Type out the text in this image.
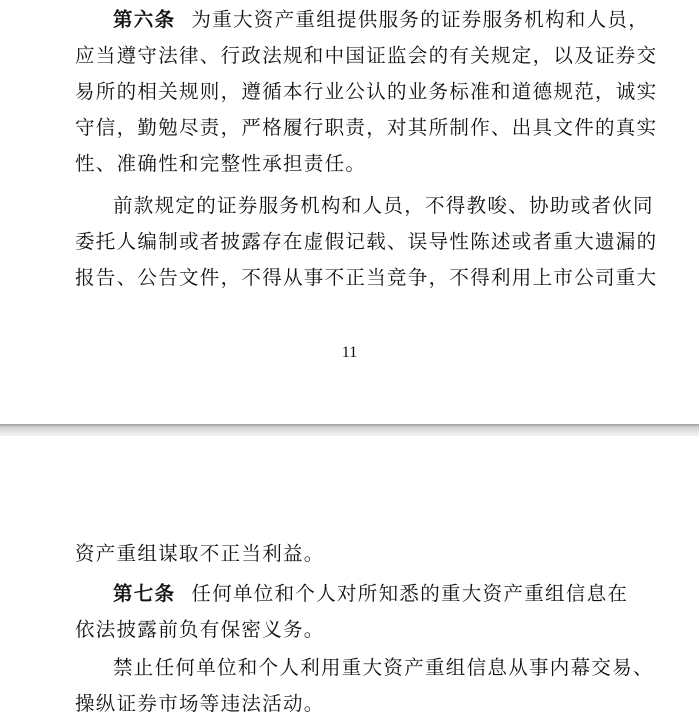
第六条 为重大资产重组提供服务的证券服务机构和人员，
应当遵守法律、行政法规和中国证监会的有关规定，以及证券交
易所的相关规则，遵循本行业公认的业务标准和道德规范，诚实
守信，勤勉尽责，严格履行职责，对其所制作、出具文件的真实
性、准确性和完整性承担责任。
前款规定的证券服务机构和人员，不得教唆、协助或者伙同
委托人编制或者披露存在虚假记载、误导性陈述或者重大遗漏的
报告、公告文件，不得从事不正当竞争，不得利用上市公司重大
11
资产重组谋取不正当利益。
第七条 任何单位和个人对所知悉的重大资产重组信息在
依法披露前负有保密义务。
禁止任何单位和个人利用重大资产重组信息从事内幕交易、
操纵证券市场等违法活动。
